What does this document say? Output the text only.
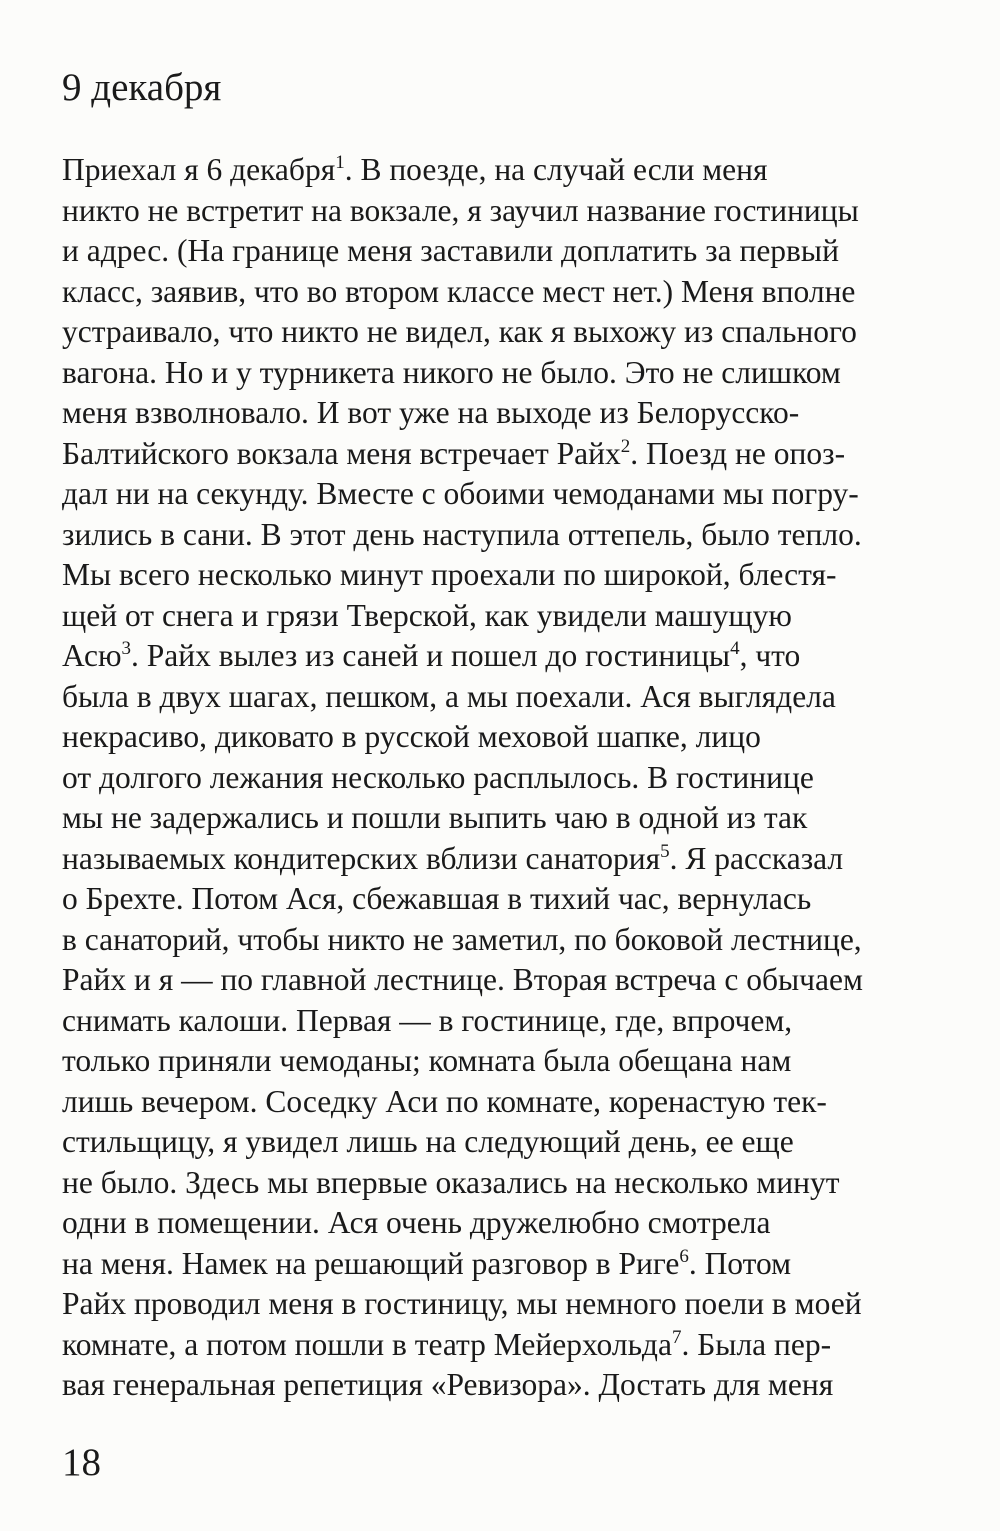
9 декабря
Приехал я 6 декабря$^1$. В поезде, на случай если меня
никто не встретит на вокзале, я заучил название гостиницы
и адрес. (На границе меня заставили доплатить за первый
класс, заявив, что во втором классе мест нет.) Меня вполне
устраивало, что никто не видел, как я выхожу из спального
вагона. Но и у турникета никого не было. Это не слишком
меня взволновало. И вот уже на выходе из Белорусско-
Балтийского вокзала меня встречает Райх$^2$. Поезд не опоз-
дал ни на секунду. Вместе с обоими чемоданами мы погру-
зились в сани. В этот день наступила оттепель, было тепло.
Мы всего несколько минут проехали по широкой, блестя-
щей от снега и грязи Тверской, как увидели машущую
Асю$^3$. Райх вылез из саней и пошел до гостиницы$^4$, что
была в двух шагах, пешком, а мы поехали. Ася выглядела
некрасиво, диковато в русской меховой шапке, лицо
от долгого лежания несколько расплылось. В гостинице
мы не задержались и пошли выпить чаю в одной из так
называемых кондитерских вблизи санатория$^5$. Я рассказал
о Брехте. Потом Ася, сбежавшая в тихий час, вернулась
в санаторий, чтобы никто не заметил, по боковой лестнице,
Райх и я — по главной лестнице. Вторая встреча с обычаем
снимать калоши. Первая — в гостинице, где, впрочем,
только приняли чемоданы; комната была обещана нам
лишь вечером. Соседку Аси по комнате, коренастую тек-
стильщицу, я увидел лишь на следующий день, ее еще
не было. Здесь мы впервые оказались на несколько минут
одни в помещении. Ася очень дружелюбно смотрела
на меня. Намек на решающий разговор в Риге$^6$. Потом
Райх проводил меня в гостиницу, мы немного поели в моей
комнате, а потом пошли в театр Мейерхольда$^7$. Была пер-
вая генеральная репетиция «Ревизора». Достать для меня
18
